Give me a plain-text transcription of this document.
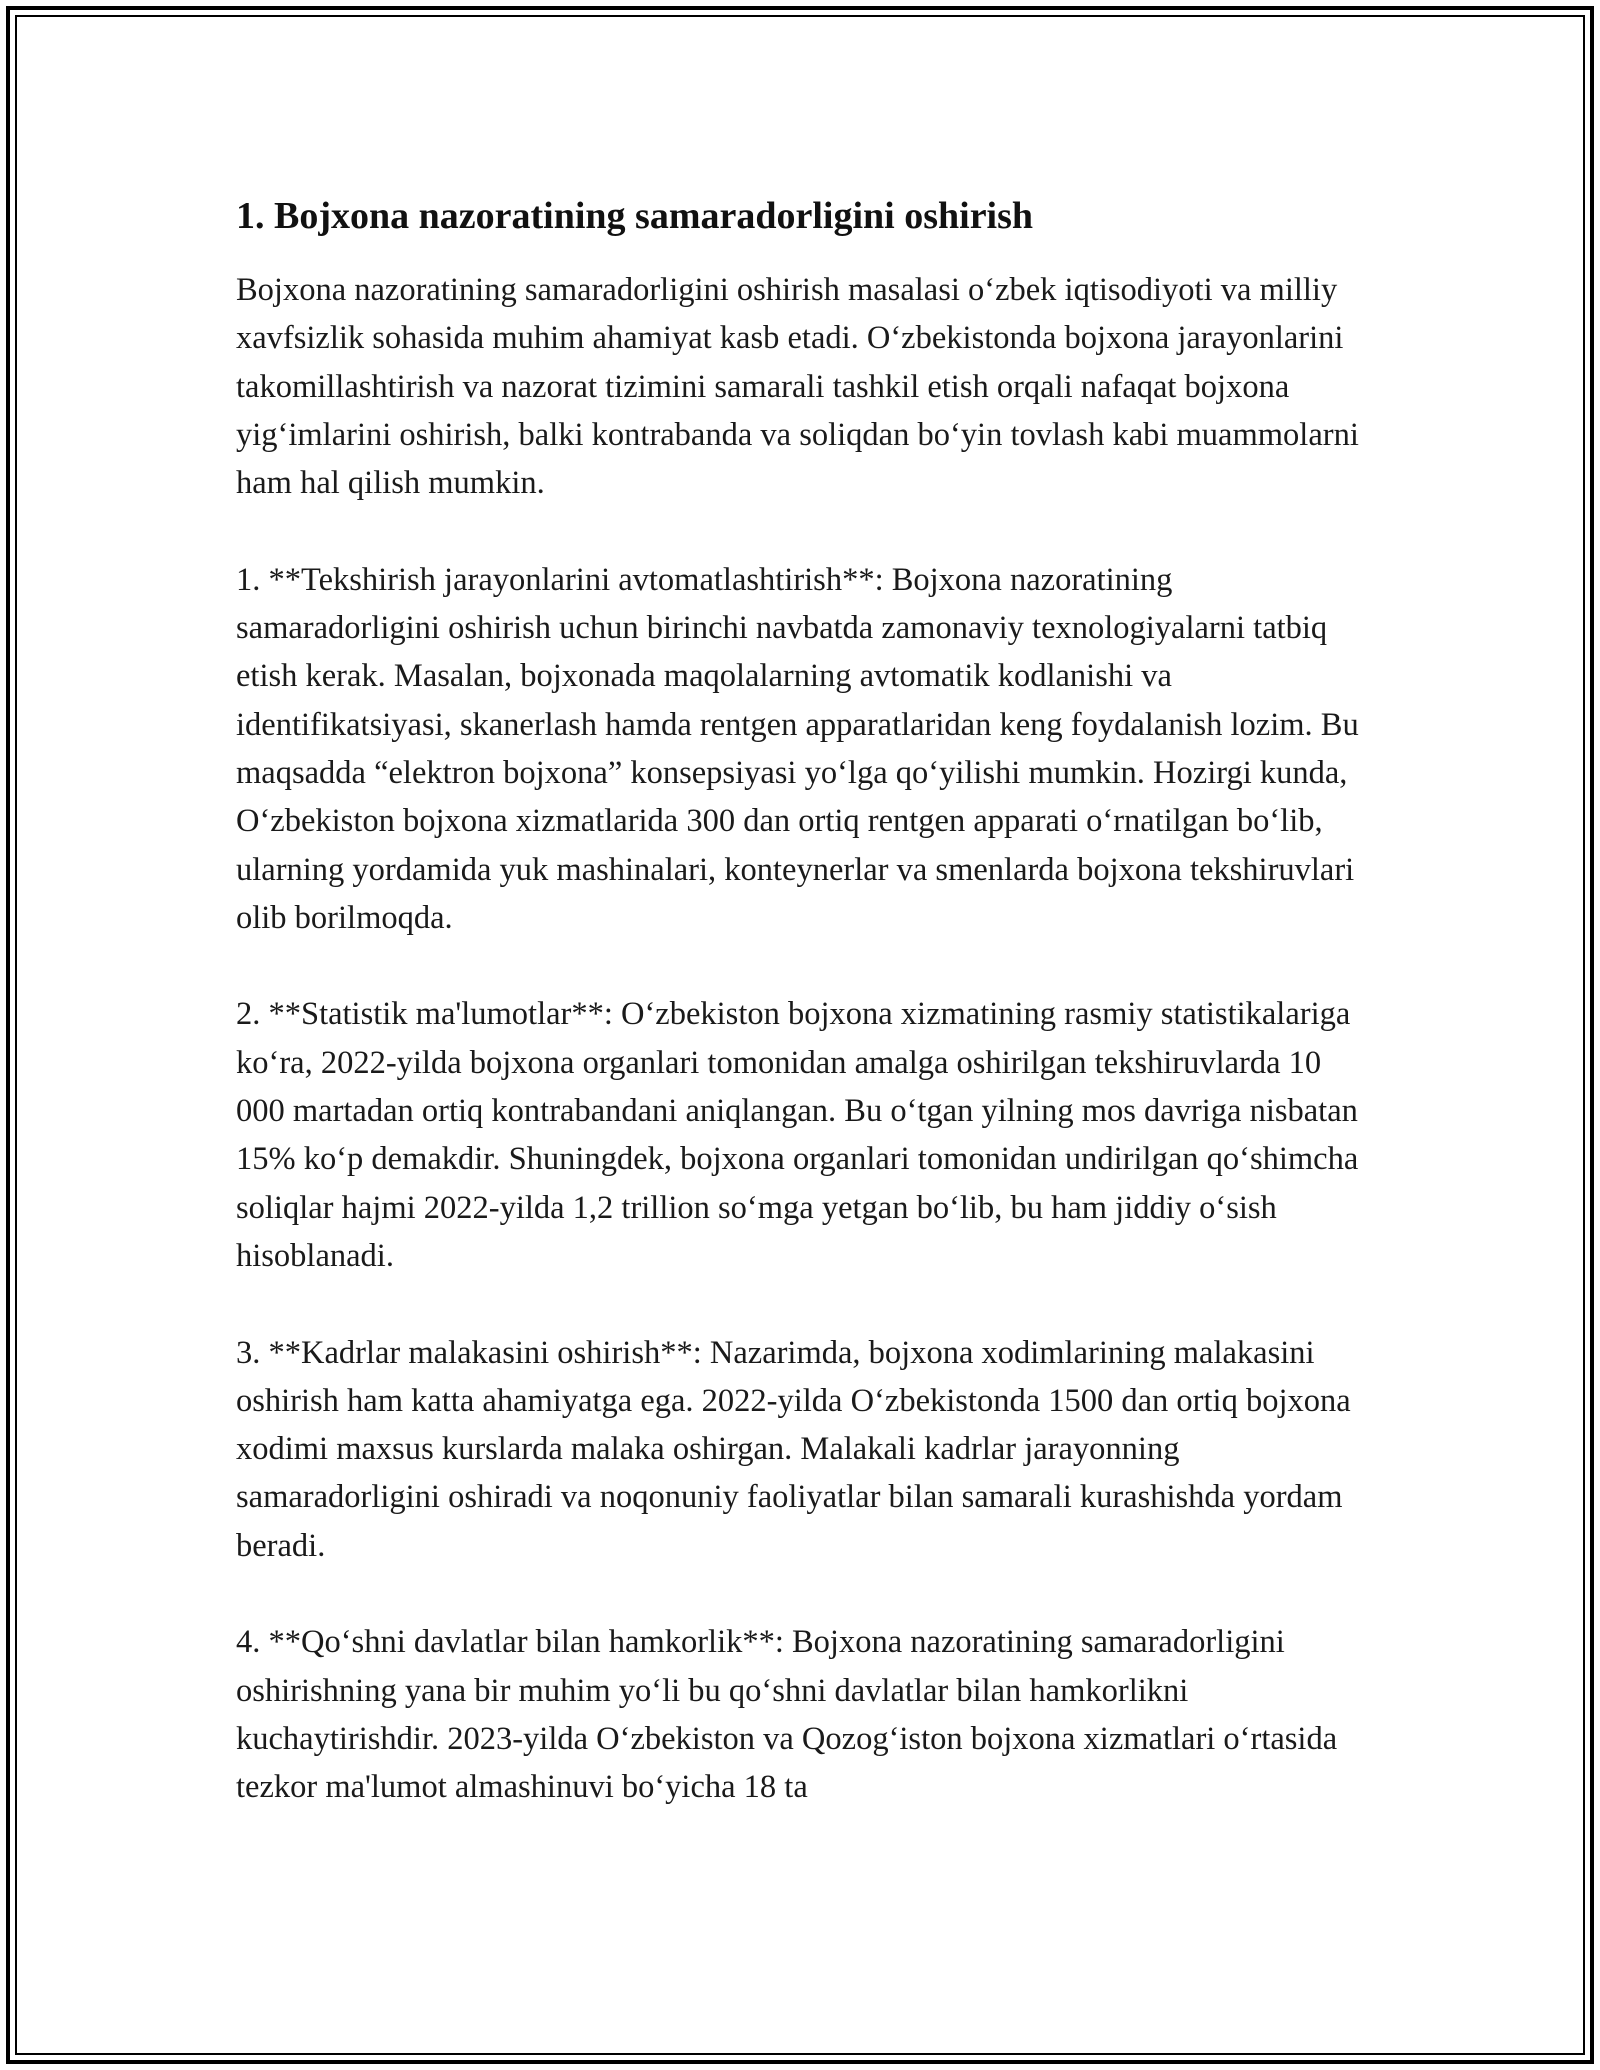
1. Bojxona nazoratining samaradorligini oshirish

Bojxona nazoratining samaradorligini oshirish masalasi oʻzbek iqtisodiyoti va milliy xavfsizlik sohasida muhim ahamiyat kasb etadi. Oʻzbekistonda bojxona jarayonlarini takomillashtirish va nazorat tizimini samarali tashkil etish orqali nafaqat bojxona yigʻimlarini oshirish, balki kontrabanda va soliqdan boʻyin tovlash kabi muammolarni ham hal qilish mumkin.

1. **Tekshirish jarayonlarini avtomatlashtirish**: Bojxona nazoratining samaradorligini oshirish uchun birinchi navbatda zamonaviy texnologiyalarni tatbiq etish kerak. Masalan, bojxonada maqolalarning avtomatik kodlanishi va identifikatsiyasi, skanerlash hamda rentgen apparatlaridan keng foydalanish lozim. Bu maqsadda “elektron bojxona” konsepsiyasi yoʻlga qoʻyilishi mumkin. Hozirgi kunda, Oʻzbekiston bojxona xizmatlarida 300 dan ortiq rentgen apparati oʻrnatilgan boʻlib, ularning yordamida yuk mashinalari, konteynerlar va smenlarda bojxona tekshiruvlari olib borilmoqda.

2. **Statistik ma'lumotlar**: Oʻzbekiston bojxona xizmatining rasmiy statistikalariga koʻra, 2022-yilda bojxona organlari tomonidan amalga oshirilgan tekshiruvlarda 10 000 martadan ortiq kontrabandani aniqlangan. Bu oʻtgan yilning mos davriga nisbatan 15% koʻp demakdir. Shuningdek, bojxona organlari tomonidan undirilgan qoʻshimcha soliqlar hajmi 2022-yilda 1,2 trillion soʻmga yetgan boʻlib, bu ham jiddiy oʻsish hisoblanadi.

3. **Kadrlar malakasini oshirish**: Nazarimda, bojxona xodimlarining malakasini oshirish ham katta ahamiyatga ega. 2022-yilda Oʻzbekistonda 1500 dan ortiq bojxona xodimi maxsus kurslarda malaka oshirgan. Malakali kadrlar jarayonning samaradorligini oshiradi va noqonuniy faoliyatlar bilan samarali kurashishda yordam beradi.

4. **Qoʻshni davlatlar bilan hamkorlik**: Bojxona nazoratining samaradorligini oshirishning yana bir muhim yoʻli bu qoʻshni davlatlar bilan hamkorlikni kuchaytirishdir. 2023-yilda Oʻzbekiston va Qozogʻiston bojxona xizmatlari oʻrtasida tezkor ma'lumot almashinuvi boʻyicha 18 ta
